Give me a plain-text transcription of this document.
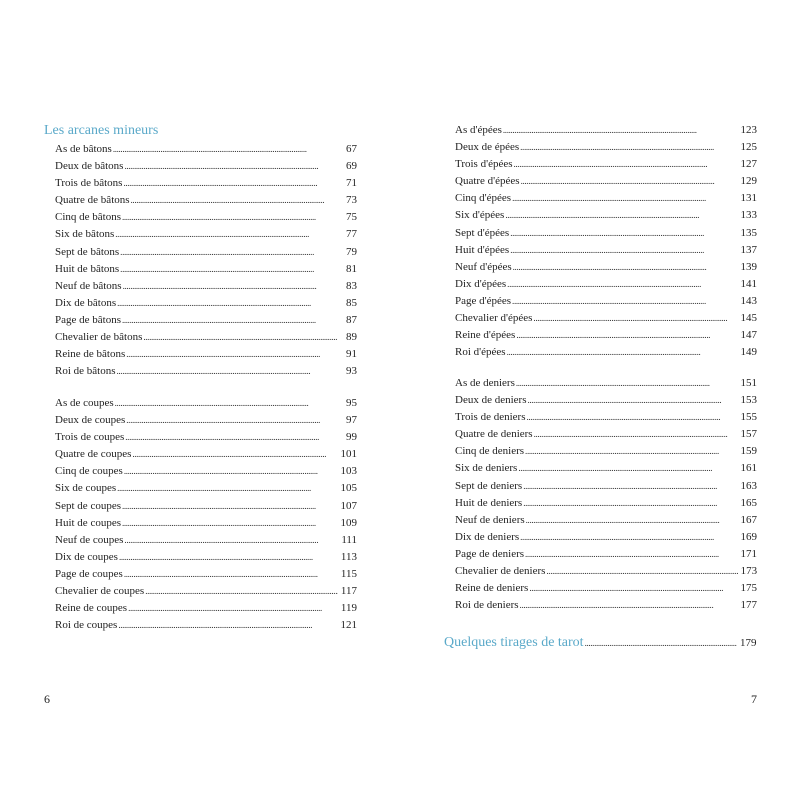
Les arcanes mineurs
As de bâtons . . .	67
Deux de bâtons . . .	69
Trois de bâtons . . .	71
Quatre de bâtons . . .	73
Cinq de bâtons . . .	75
Six de bâtons . . .	77
Sept de bâtons . . .	79
Huit de bâtons . . .	81
Neuf de bâtons . . .	83
Dix de bâtons . . .	85
Page de bâtons . . .	87
Chevalier de bâtons . . .	89
Reine de bâtons . . .	91
Roi de bâtons . . .	93
As de coupes . . .	95
Deux de coupes . . .	97
Trois de coupes . . .	99
Quatre de coupes . . .	101
Cinq de coupes . . .	103
Six de coupes . . .	105
Sept de coupes . . .	107
Huit de coupes . . .	109
Neuf de coupes . . .	111
Dix de coupes . . .	113
Page de coupes . . .	115
Chevalier de coupes . . .	117
Reine de coupes . . .	119
Roi de coupes . . .	121
6
As d'épées . . .	123
Deux de épées . . .	125
Trois d'épées . . .	127
Quatre d'épées . . .	129
Cinq d'épées . . .	131
Six d'épées . . .	133
Sept d'épées . . .	135
Huit d'épées . . .	137
Neuf d'épées . . .	139
Dix d'épées . . .	141
Page d'épées . . .	143
Chevalier d'épées . . .	145
Reine d'épées . . .	147
Roi d'épées . . .	149
As de deniers . . .	151
Deux de deniers . . .	153
Trois de deniers . . .	155
Quatre de deniers . . .	157
Cinq de deniers . . .	159
Six de deniers . . .	161
Sept de deniers . . .	163
Huit de deniers . . .	165
Neuf de deniers . . .	167
Dix de deniers . . .	169
Page de deniers . . .	171
Chevalier de deniers . . .	173
Reine de deniers . . .	175
Roi de deniers . . .	177
Quelques tirages de tarot . . .	179
7
